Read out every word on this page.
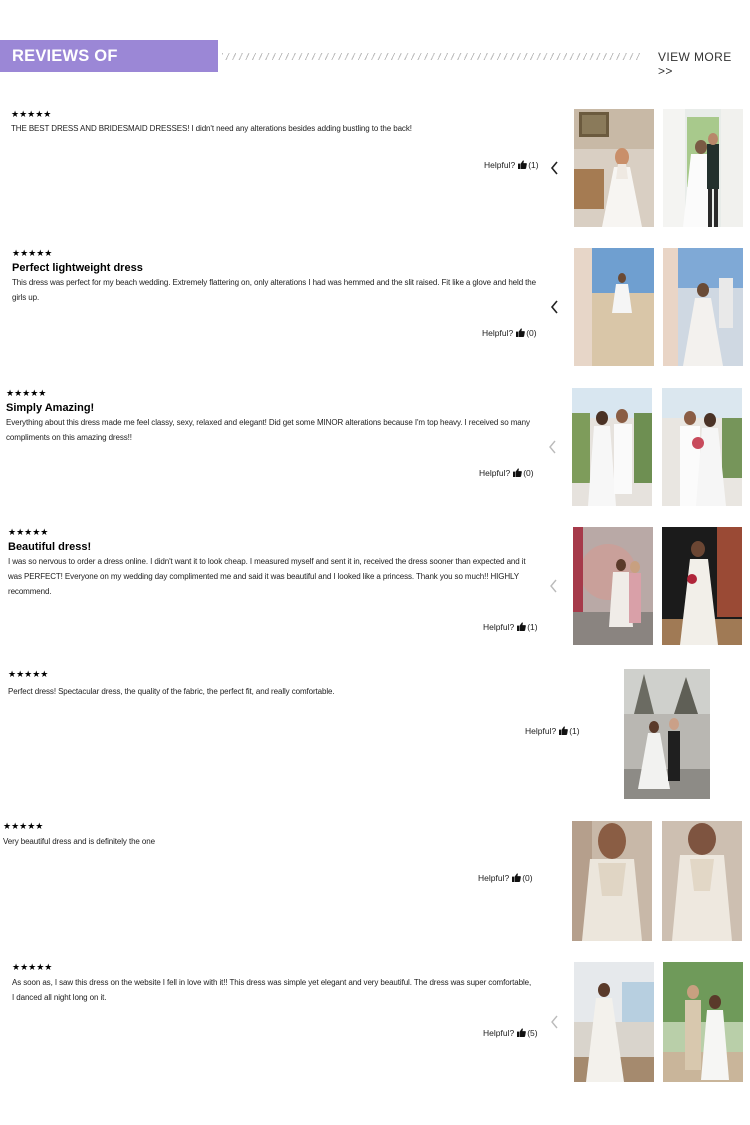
REVIEWS OF CUSTOMERS
VIEW MORE >>
★★★★★
THE BEST DRESS AND BRIDESMAID DRESSES! I didn't need any alterations besides adding bustling to the back!
Helpful? (1)
★★★★★
Perfect lightweight dress
This dress was perfect for my beach wedding. Extremely flattering on, only alterations I had was hemmed and the slit raised. Fit like a glove and held the girls up.
Helpful? (0)
★★★★★
Simply Amazing!
Everything about this dress made me feel classy, sexy, relaxed and elegant! Did get some MINOR alterations because I'm top heavy. I received so many compliments on this amazing dress!!
Helpful? (0)
★★★★★
Beautiful dress!
I was so nervous to order a dress online. I didn't want it to look cheap. I measured myself and sent it in, received the dress sooner than expected and it was PERFECT! Everyone on my wedding day complimented me and said it was beautiful and I looked like a princess. Thank you so much!! HIGHLY recommend.
Helpful? (1)
★★★★★
Perfect dress! Spectacular dress, the quality of the fabric, the perfect fit, and really comfortable.
Helpful? (1)
★★★★★
Very beautiful dress and is definitely the one
Helpful? (0)
★★★★★
As soon as, I saw this dress on the website I fell in love with it!! This dress was simple yet elegant and very beautiful. The dress was super comfortable, I danced all night long on it.
Helpful? (5)
